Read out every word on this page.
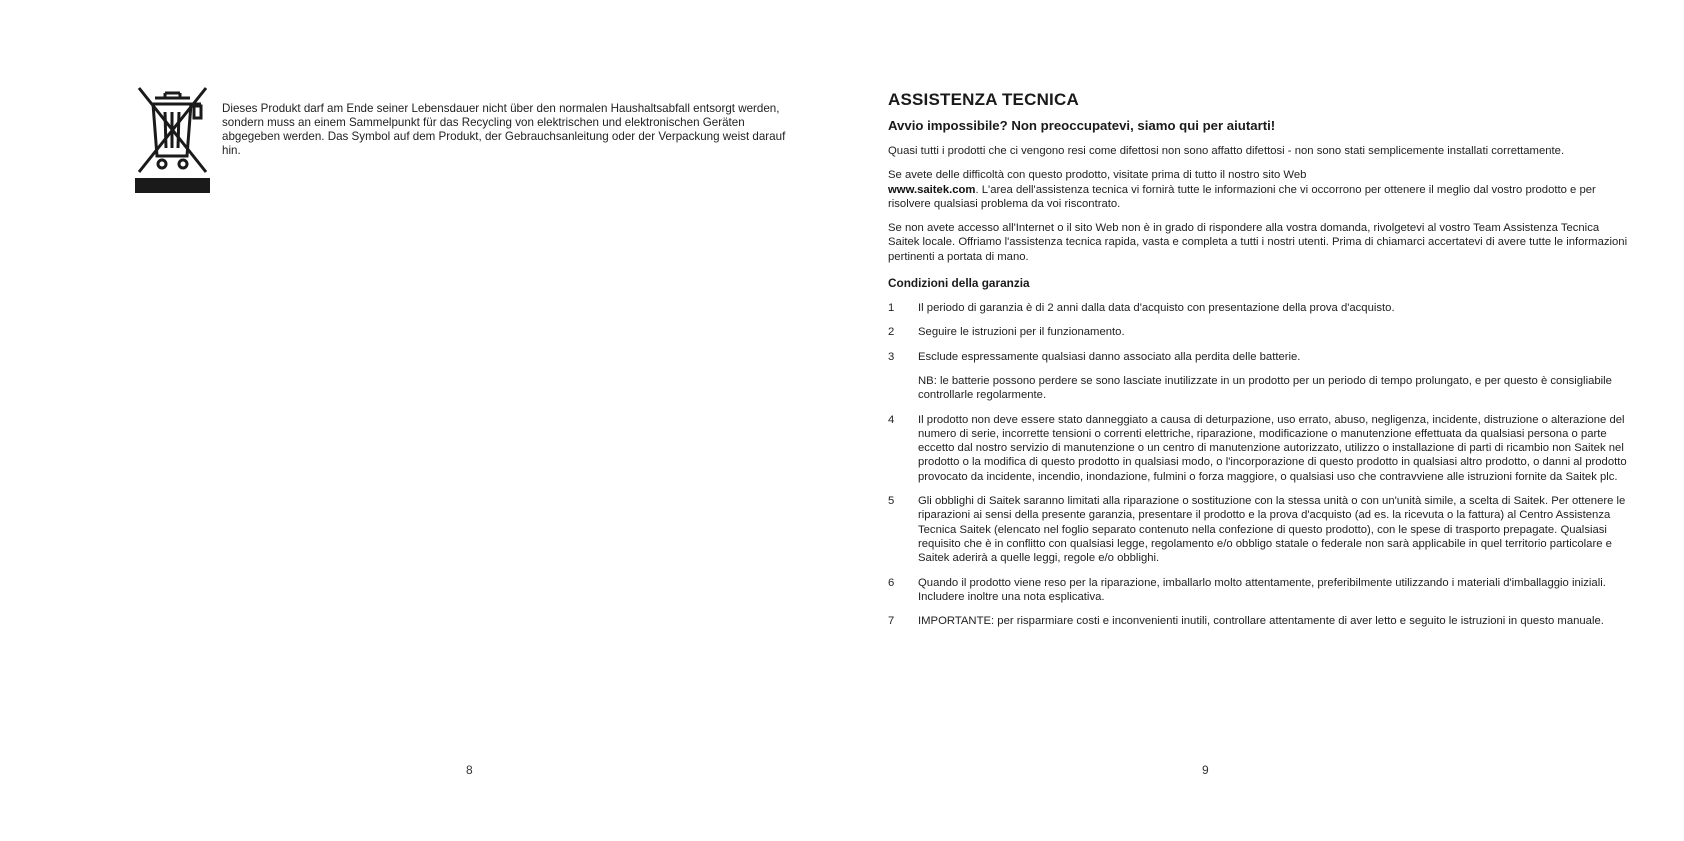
Dieses Produkt darf am Ende seiner Lebensdauer nicht über den normalen Haushaltsabfall entsorgt werden, sondern muss an einem Sammelpunkt für das Recycling von elektrischen und elektronischen Geräten abgegeben werden. Das Symbol auf dem Produkt, der Gebrauchsanleitung oder der Verpackung weist darauf hin.
8
ASSISTENZA TECNICA
Avvio impossibile? Non preoccupatevi, siamo qui per aiutarti!

Quasi tutti i prodotti che ci vengono resi come difettosi non sono affatto difettosi - non sono stati semplicemente installati correttamente.

Se avete delle difficoltà con questo prodotto, visitate prima di tutto il nostro sito Web
www.saitek.com. L'area dell'assistenza tecnica vi fornirà tutte le informazioni che vi occorrono per ottenere il meglio dal vostro prodotto e per risolvere qualsiasi problema da voi riscontrato.

Se non avete accesso all'Internet o il sito Web non è in grado di rispondere alla vostra domanda, rivolgetevi al vostro Team Assistenza Tecnica Saitek locale. Offriamo l'assistenza tecnica rapida, vasta e completa a tutti i nostri utenti. Prima di chiamarci accertatevi di avere tutte le informazioni pertinenti a portata di mano.

Condizioni della garanzia
1	Il periodo di garanzia è di 2 anni dalla data d'acquisto con presentazione della prova d'acquisto.
2	Seguire le istruzioni per il funzionamento.
3	Esclude espressamente qualsiasi danno associato alla perdita delle batterie.
NB: le batterie possono perdere se sono lasciate inutilizzate in un prodotto per un periodo di tempo prolungato, e per questo è consigliabile controllarle regolarmente.
4	Il prodotto non deve essere stato danneggiato a causa di deturpazione, uso errato, abuso, negligenza, incidente, distruzione o alterazione del numero di serie, incorrette tensioni o correnti elettriche, riparazione, modificazione o manutenzione effettuata da qualsiasi persona o parte eccetto dal nostro servizio di manutenzione o un centro di manutenzione autorizzato, utilizzo o installazione di parti di ricambio non Saitek nel prodotto o la modifica di questo prodotto in qualsiasi modo, o l'incorporazione di questo prodotto in qualsiasi altro prodotto, o danni al prodotto provocato da incidente, incendio, inondazione, fulmini o forza maggiore, o qualsiasi uso che contravviene alle istruzioni fornite da Saitek plc.
5	Gli obblighi di Saitek saranno limitati alla riparazione o sostituzione con la stessa unità o con un'unità simile, a scelta di Saitek. Per ottenere le riparazioni ai sensi della presente garanzia, presentare il prodotto e la prova d'acquisto (ad es. la ricevuta o la fattura) al Centro Assistenza Tecnica Saitek (elencato nel foglio separato contenuto nella confezione di questo prodotto), con le spese di trasporto prepagate. Qualsiasi requisito che è in conflitto con qualsiasi legge, regolamento e/o obbligo statale o federale non sarà applicabile in quel territorio particolare e Saitek aderirà a quelle leggi, regole e/o obblighi.
6	Quando il prodotto viene reso per la riparazione, imballarlo molto attentamente, preferibilmente utilizzando i materiali d'imballaggio iniziali. Includere inoltre una nota esplicativa.
7	IMPORTANTE: per risparmiare costi e inconvenienti inutili, controllare attentamente di aver letto e seguito le istruzioni in questo manuale.
9
